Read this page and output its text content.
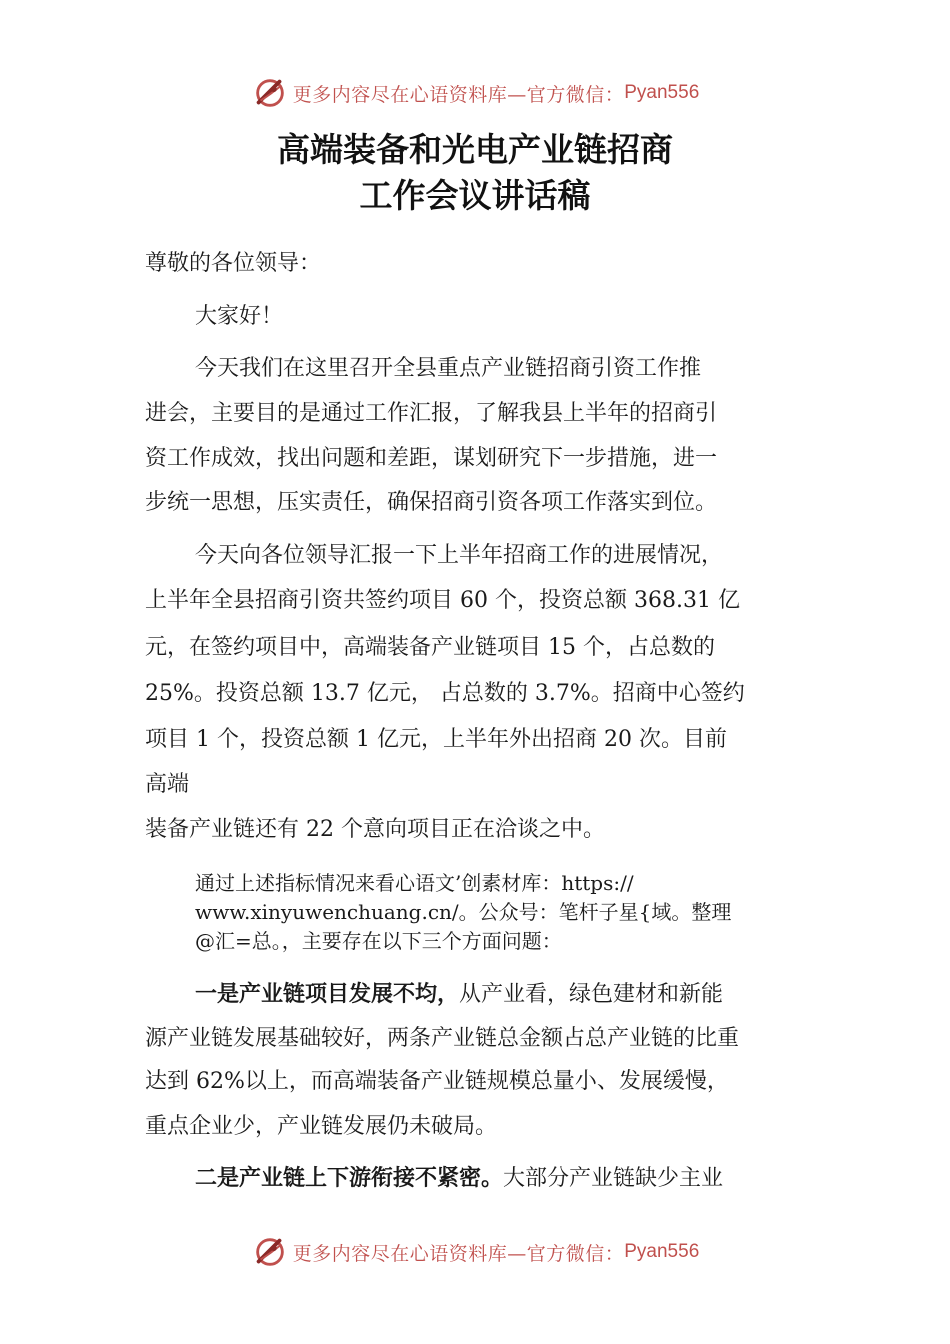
更多内容尽在心语资料库—官方微信： Pyan556
高端装备和光电产业链招商
工作会议讲话稿
尊敬的各位领导：
大家好！
今天我们在这里召开全县重点产业链招商引资工作推
进会，主要目的是通过工作汇报，了解我县上半年的招商引
资工作成效，找出问题和差距，谋划研究下一步措施，进一
步统一思想，压实责任，确保招商引资各项工作落实到位。
今天向各位领导汇报一下上半年招商工作的进展情况，
上半年全县招商引资共签约项目 60 个，投资总额 368.31 亿
元，在签约项目中，高端装备产业链项目 15 个，占总数的
25%。投资总额 13.7 亿元， 占总数的 3.7%。招商中心签约
项目 1 个，投资总额 1 亿元，上半年外出招商 20 次。目前
高端
装备产业链还有 22 个意向项目正在洽谈之中。
通过上述指标情况来看心语文’创素材库：https://
www.xinyuwenchuang.cn/。公众号：笔杆子星{域。整理
@汇=总。，主要存在以下三个方面问题：
一是产业链项目发展不均，从产业看，绿色建材和新能
源产业链发展基础较好，两条产业链总金额占总产业链的比重
达到 62%以上，而高端装备产业链规模总量小、发展缓慢，
重点企业少，产业链发展仍未破局。
二是产业链上下游衔接不紧密。大部分产业链缺少主业
更多内容尽在心语资料库—官方微信： Pyan556
